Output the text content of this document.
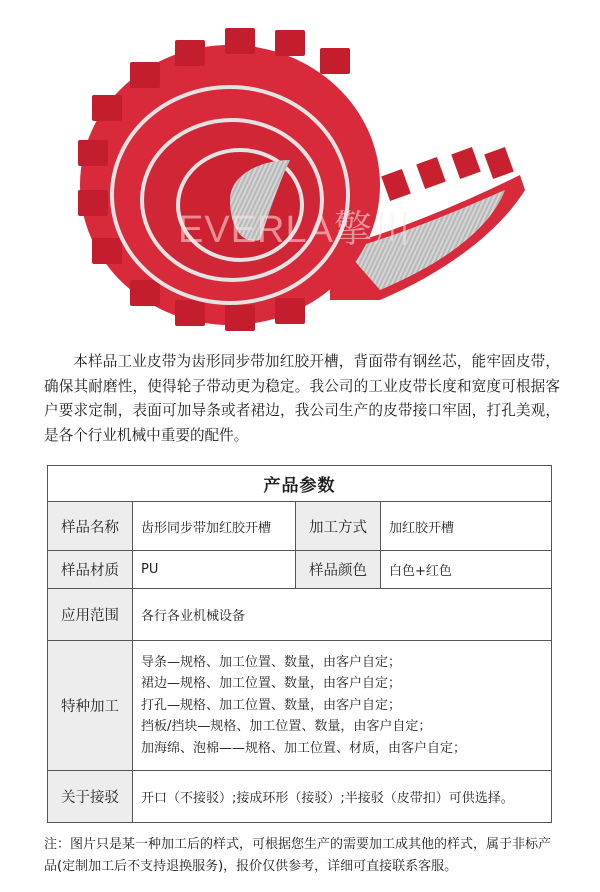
EVERLA擎川

本样品工业皮带为齿形同步带加红胶开槽，背面带有钢丝芯，能牢固皮带，确保其耐磨性，使得轮子带动更为稳定。我公司的工业皮带长度和宽度可根据客户要求定制，表面可加导条或者裙边，我公司生产的皮带接口牢固，打孔美观，是各个行业机械中重要的配件。

产品参数			
样品名称	齿形同步带加红胶开槽	加工方式	加红胶开槽
样品材质	PU	样品颜色	白色+红色
应用范围	各行各业机械设备		
特种加工	导条—规格、加工位置、数量，由客户自定；
裙边—规格、加工位置、数量，由客户自定；
打孔—规格、加工位置、数量，由客户自定；
挡板/挡块—规格、加工位置、数量，由客户自定；
加海绵、泡棉——规格、加工位置、材质，由客户自定；		

关于接驳	开口（不接驳）;接成环形（接驳）;半接驳（皮带扣）可供选择。		

注：图片只是某一种加工后的样式，可根据您生产的需要加工成其他的样式，属于非标产品(定制加工后不支持退换服务)，报价仅供参考，详细可直接联系客服。
